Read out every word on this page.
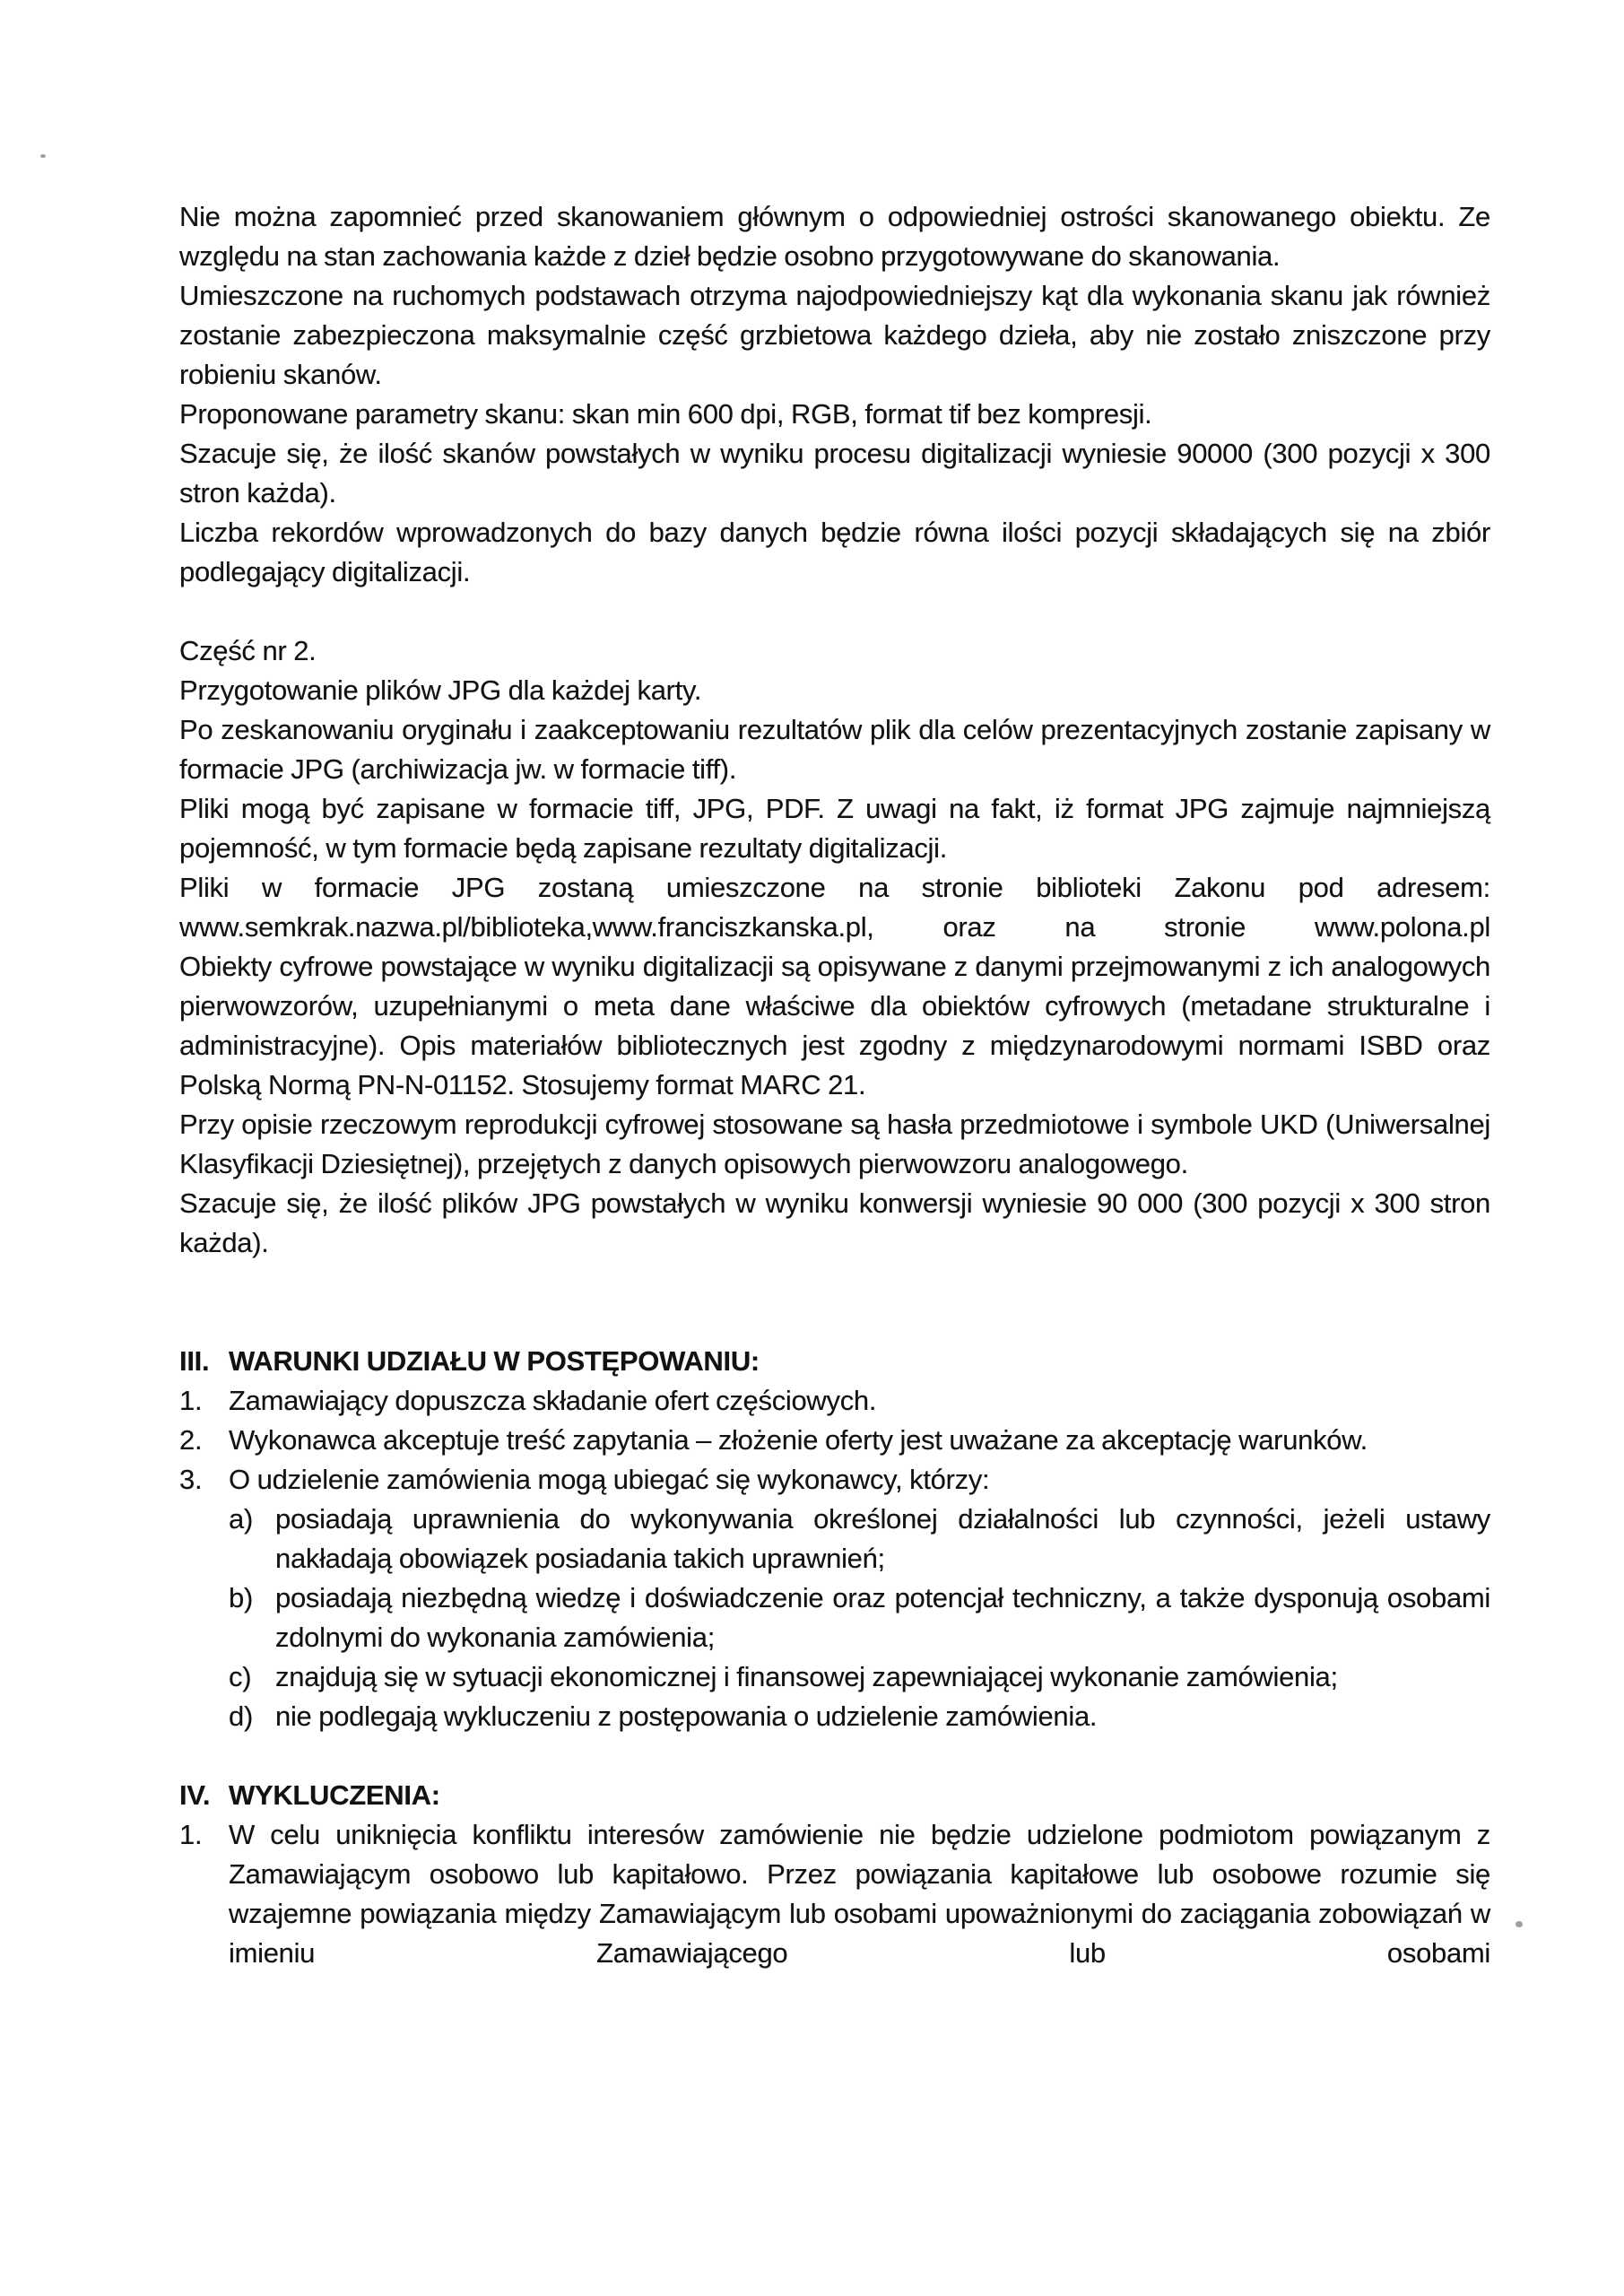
Nie można zapomnieć przed skanowaniem głównym o odpowiedniej ostrości skanowanego obiektu. Ze względu na stan zachowania każde z dzieł będzie osobno przygotowywane do skanowania.

Umieszczone na ruchomych podstawach otrzyma najodpowiedniejszy kąt dla wykonania skanu jak również zostanie zabezpieczona maksymalnie część grzbietowa każdego dzieła, aby nie zostało zniszczone przy robieniu skanów.

Proponowane parametry skanu: skan min 600 dpi, RGB, format tif bez kompresji.

Szacuje się, że ilość skanów powstałych w wyniku procesu digitalizacji wyniesie 90000 (300 pozycji x 300 stron każda).

Liczba rekordów wprowadzonych do bazy danych będzie równa ilości pozycji składających się na zbiór podlegający digitalizacji.

Część nr 2.

Przygotowanie plików JPG dla każdej karty.

Po zeskanowaniu oryginału i zaakceptowaniu rezultatów plik dla celów prezentacyjnych zostanie zapisany w formacie JPG (archiwizacja jw. w formacie tiff).

Pliki mogą być zapisane w formacie tiff, JPG, PDF. Z uwagi na fakt, iż format JPG zajmuje najmniejszą pojemność, w tym formacie będą zapisane rezultaty digitalizacji.

Pliki w formacie JPG zostaną umieszczone na stronie biblioteki Zakonu pod adresem: www.semkrak.nazwa.pl/biblioteka,www.franciszkanska.pl, oraz na stronie www.polona.pl

Obiekty cyfrowe powstające w wyniku digitalizacji są opisywane z danymi przejmowanymi z ich analogowych pierwowzorów, uzupełnianymi o meta dane właściwe dla obiektów cyfrowych (metadane strukturalne i administracyjne). Opis materiałów bibliotecznych jest zgodny z międzynarodowymi normami ISBD oraz Polską Normą PN-N-01152. Stosujemy format MARC 21.

Przy opisie rzeczowym reprodukcji cyfrowej stosowane są hasła przedmiotowe i symbole UKD (Uniwersalnej Klasyfikacji Dziesiętnej), przejętych z danych opisowych pierwowzoru analogowego.

Szacuje się, że ilość plików JPG powstałych w wyniku konwersji wyniesie 90 000 (300 pozycji x 300 stron każda).

III. WARUNKI UDZIAŁU W POSTĘPOWANIU:
1. Zamawiający dopuszcza składanie ofert częściowych.
2. Wykonawca akceptuje treść zapytania – złożenie oferty jest uważane za akceptację warunków.
3. O udzielenie zamówienia mogą ubiegać się wykonawcy, którzy:
a) posiadają uprawnienia do wykonywania określonej działalności lub czynności, jeżeli ustawy nakładają obowiązek posiadania takich uprawnień;
b) posiadają niezbędną wiedzę i doświadczenie oraz potencjał techniczny, a także dysponują osobami zdolnymi do wykonania zamówienia;
c) znajdują się w sytuacji ekonomicznej i finansowej zapewniającej wykonanie zamówienia;
d) nie podlegają wykluczeniu z postępowania o udzielenie zamówienia.
IV. WYKLUCZENIA:
1. W celu uniknięcia konfliktu interesów zamówienie nie będzie udzielone podmiotom powiązanym z Zamawiającym osobowo lub kapitałowo. Przez powiązania kapitałowe lub osobowe rozumie się wzajemne powiązania między Zamawiającym lub osobami upoważnionymi do zaciągania zobowiązań w imieniu Zamawiającego lub osobami
